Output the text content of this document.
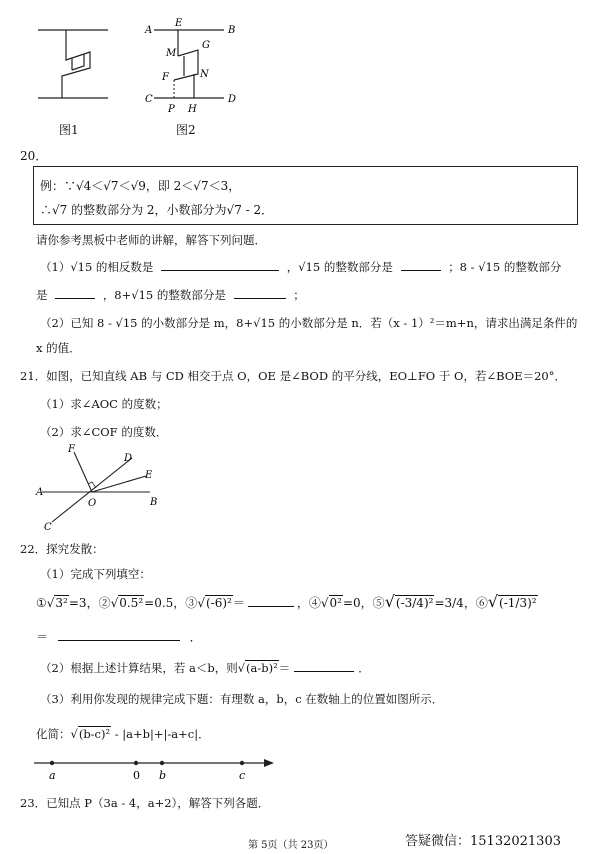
图1
A
E
B
M
G
N
F
C
P H
D
图2
20．
例：∵√4＜√7＜√9，即 2＜√7＜3，
∴√7 的整数部分为 2，小数部分为√7 - 2．
请你参考黑板中老师的讲解，解答下列问题．
（1）√15 的相反数是	，√15 的整数部分是	；8 - √15 的整数部分
是	，8+√15 的整数部分是	；
（2）已知 8 - √15 的小数部分是 m，8+√15 的小数部分是 n．若（x - 1）²＝m+n，请求出满足条件的
x 的值．
21．如图，已知直线 AB 与 CD 相交于点 O，OE 是∠BOD 的平分线，EO⊥FO 于 O，若∠BOE＝20°．
（1）求∠AOC 的度数；
（2）求∠COF 的度数．
F
D
E
A
O	B
C
22．探究发散：
（1）完成下列填空：
①√3²=3，②√0.5²=0.5，③√(-6)²＝	，④√0²=0，⑤√(-3/4)²=3/4，⑥√(-1/3)²
＝	．
（2）根据上述计算结果，若 a＜b，则√(a-b)²＝	．
（3）利用你发现的规律完成下题：有理数 a，b，c 在数轴上的位置如图所示．
化简：√(b-c)² - |a+b|+|-a+c|．
a	0 b	c
23．已知点 P（3a - 4，a+2），解答下列各题．
第 5页（共 23页）	答疑微信：15132021303
